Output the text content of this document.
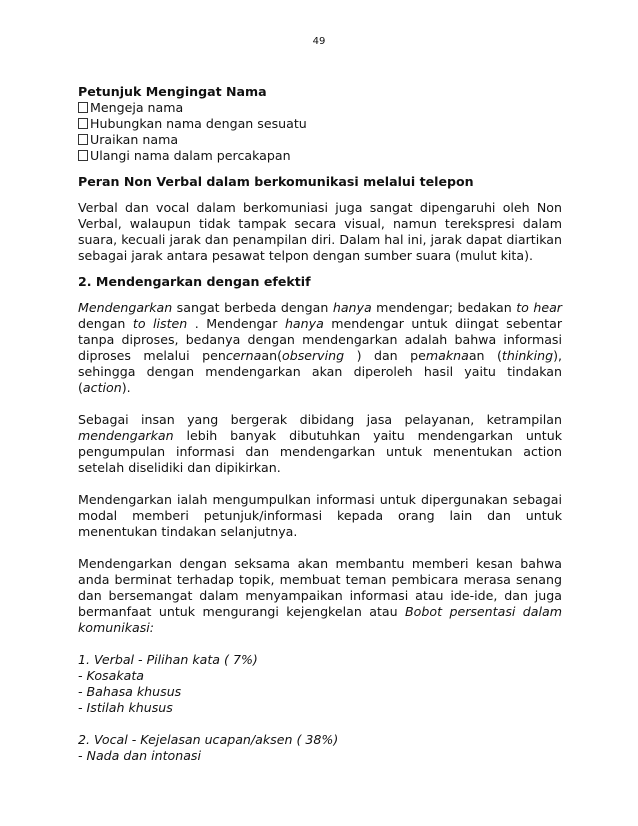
49
Petunjuk Mengingat Nama
Mengeja nama
Hubungkan nama dengan sesuatu
Uraikan nama
Ulangi nama dalam percakapan
Peran Non Verbal dalam berkomunikasi melalui telepon

Verbal dan vocal dalam berkomuniasi juga sangat dipengaruhi oleh Non Verbal, walaupun tidak tampak secara visual, namun terekspresi dalam suara, kecuali jarak dan penampilan diri. Dalam hal ini, jarak dapat diartikan sebagai jarak antara pesawat telpon dengan sumber suara (mulut kita).

2. Mendengarkan dengan efektif

Mendengarkan sangat berbeda dengan hanya mendengar; bedakan to hear dengan to listen . Mendengar hanya mendengar untuk diingat sebentar tanpa diproses, bedanya dengan mendengarkan adalah bahwa informasi diproses melalui pencernaan(observing ) dan pemaknaan (thinking), sehingga dengan mendengarkan akan diperoleh hasil yaitu tindakan (action).

Sebagai insan yang bergerak dibidang jasa pelayanan, ketrampilan mendengarkan lebih banyak dibutuhkan yaitu mendengarkan untuk pengumpulan informasi dan mendengarkan untuk menentukan action setelah diselidiki dan dipikirkan.

Mendengarkan ialah mengumpulkan informasi untuk dipergunakan sebagai modal memberi petunjuk/informasi kepada orang lain dan untuk menentukan tindakan selanjutnya.

Mendengarkan dengan seksama akan membantu memberi kesan bahwa anda berminat terhadap topik, membuat teman pembicara merasa senang dan bersemangat dalam menyampaikan informasi atau ide-ide, dan juga bermanfaat untuk mengurangi kejengkelan atau Bobot persentasi dalam komunikasi:

1. Verbal - Pilihan kata ( 7%)
- Kosakata
- Bahasa khusus
- Istilah khusus
2. Vocal - Kejelasan ucapan/aksen ( 38%)
- Nada dan intonasi
